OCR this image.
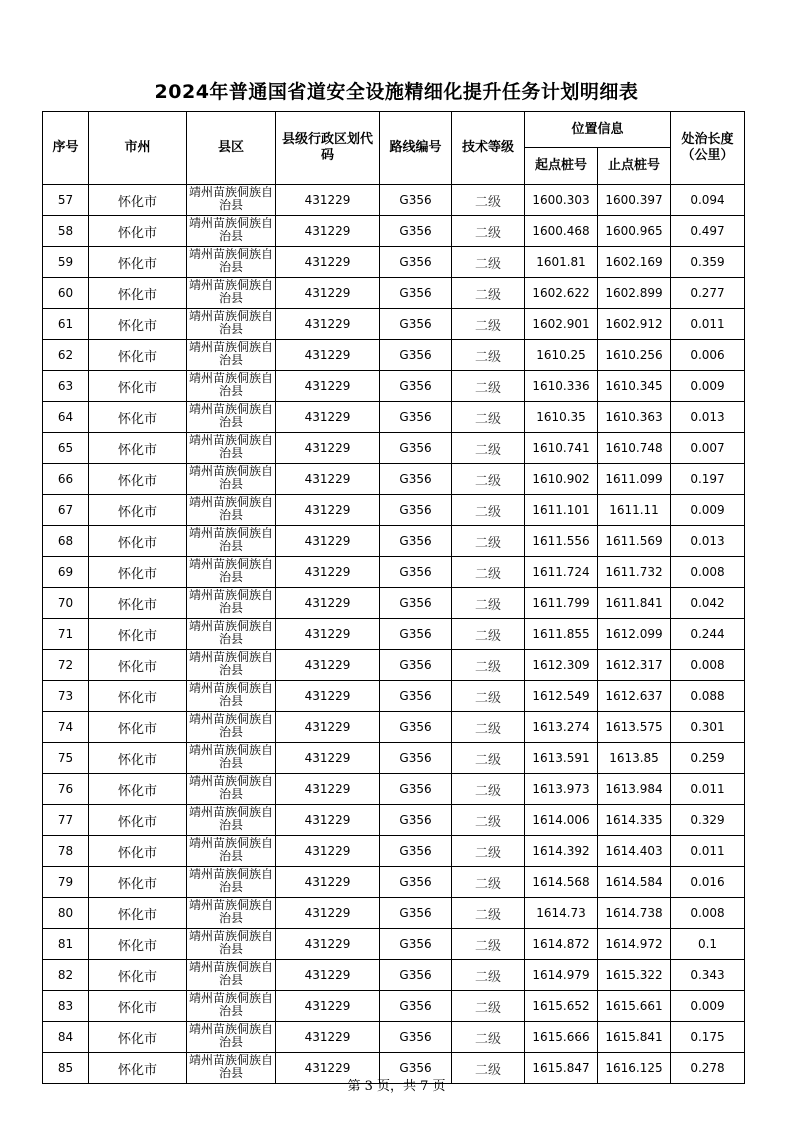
2024年普通国省道安全设施精细化提升任务计划明细表
序号	市州	县区	县级行政区划代码	路线编号	技术等级	位置信息		处治长度（公里）
						起点桩号	止点桩号	
57	怀化市	靖州苗族侗族自治县	431229	G356	二级	1600.303	1600.397	0.094
58	怀化市	靖州苗族侗族自治县	431229	G356	二级	1600.468	1600.965	0.497
59	怀化市	靖州苗族侗族自治县	431229	G356	二级	1601.81	1602.169	0.359
60	怀化市	靖州苗族侗族自治县	431229	G356	二级	1602.622	1602.899	0.277
61	怀化市	靖州苗族侗族自治县	431229	G356	二级	1602.901	1602.912	0.011
62	怀化市	靖州苗族侗族自治县	431229	G356	二级	1610.25	1610.256	0.006
63	怀化市	靖州苗族侗族自治县	431229	G356	二级	1610.336	1610.345	0.009
64	怀化市	靖州苗族侗族自治县	431229	G356	二级	1610.35	1610.363	0.013
65	怀化市	靖州苗族侗族自治县	431229	G356	二级	1610.741	1610.748	0.007
66	怀化市	靖州苗族侗族自治县	431229	G356	二级	1610.902	1611.099	0.197
67	怀化市	靖州苗族侗族自治县	431229	G356	二级	1611.101	1611.11	0.009
68	怀化市	靖州苗族侗族自治县	431229	G356	二级	1611.556	1611.569	0.013
69	怀化市	靖州苗族侗族自治县	431229	G356	二级	1611.724	1611.732	0.008
70	怀化市	靖州苗族侗族自治县	431229	G356	二级	1611.799	1611.841	0.042
71	怀化市	靖州苗族侗族自治县	431229	G356	二级	1611.855	1612.099	0.244
72	怀化市	靖州苗族侗族自治县	431229	G356	二级	1612.309	1612.317	0.008
73	怀化市	靖州苗族侗族自治县	431229	G356	二级	1612.549	1612.637	0.088
74	怀化市	靖州苗族侗族自治县	431229	G356	二级	1613.274	1613.575	0.301
75	怀化市	靖州苗族侗族自治县	431229	G356	二级	1613.591	1613.85	0.259
76	怀化市	靖州苗族侗族自治县	431229	G356	二级	1613.973	1613.984	0.011
77	怀化市	靖州苗族侗族自治县	431229	G356	二级	1614.006	1614.335	0.329
78	怀化市	靖州苗族侗族自治县	431229	G356	二级	1614.392	1614.403	0.011
79	怀化市	靖州苗族侗族自治县	431229	G356	二级	1614.568	1614.584	0.016
80	怀化市	靖州苗族侗族自治县	431229	G356	二级	1614.73	1614.738	0.008
81	怀化市	靖州苗族侗族自治县	431229	G356	二级	1614.872	1614.972	0.1
82	怀化市	靖州苗族侗族自治县	431229	G356	二级	1614.979	1615.322	0.343
83	怀化市	靖州苗族侗族自治县	431229	G356	二级	1615.652	1615.661	0.009
84	怀化市	靖州苗族侗族自治县	431229	G356	二级	1615.666	1615.841	0.175
85	怀化市	靖州苗族侗族自治县	431229	G356	二级	1615.847	1616.125	0.278
第 3 页，共 7 页
